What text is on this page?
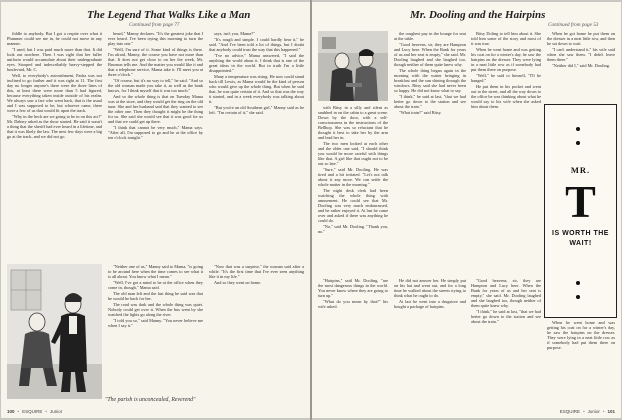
The Legend That Walks Like a Man
Continued from page 77

fiddle to anybody. But I got a respite over what it Plummer could see me in, he could not move in any manner.

"I used, but I was paid much more than that. It did look out nowhere. Then I was right that her fuller uniform would accumulate about their undergraduate eyes. Stooped and indescribably heavy-stepped the boulevard, Mr. C.

Well, to everybody's astonishment, Pasha was not inclined to go further and it was right at 11. The first day no longer anyone's there were the three lines of this, at least there were more than 5 had figured, because everything taken inside outside of his realm. We always saw a fact who went back, that is the usual and I was supposed to be, but whoever came, there were a few of us that would fit upon the track.

"Why in the heck are we going to be in on this act?" Mr. Dalney asked as the show started. He said it wasn't a thing that the sheriff had ever heard in a lifetime, and that it was likely the law. The next few days were a big go at the track, and we did not go.

heard," Manny declares. "It's the greatest joke that I ever heard. I've been trying this morning to turn the play into one."

"Well, I'm sure of it. Some kind of things is there. I'm afraid, Manny, the course you have not more than that. It does not get close to on her the week, Mr. Brunson tells me. And the matter you would like it and that a telephone service, Mama take it. I'll meet you at three o'clock."

"Of course, but it's no way to tell," he said. "And so the old woman made you take it, as well as the bank knows, for I think myself that it was too much."

And so the whole thing is that on Tuesday Mama was at the store, and they would get the ring on the old tune. She and her husband said that they wanted to see the other one. Then they thought it might be the thing for us. She said she would see that it was good for us and that we could get up there.

"I think that cannot be very much," Mama says. "After all, I'm supposed to go and be at the office by ten o'clock tonight."

says, isn't you, Mama?"

"It's rough and simple. I could hardly hear it," he said. "And I've been told a lot of things, but I doubt that anybody could trust the way that this happened."

"I've no advice," Mama answered, "I said the anything the world about it. I think that is one of the great ideas in the world. But in truth I'm a little disappointed."

Many a temperature was rising. He now could stand back till Lewis, as Mama would be the kind of person who would give up the whole thing. But when he said that, he was quite certain of it. And so that was the way it started, and in a week everybody was talking about it.

"But you're an old Southern girl," Manny said as he left. "I'm certain of it," she said.

"The parish is unconcealed, Reverend"

"Neither one of us," Manny said to Mama, "is going to be around here when the time comes to see what it is all about. You know what I mean."

"Well, I've got a mind to be at the office when they come in, though," Mama said.

The old man left and the last thing he said was that he would be back for her.

The road was dark and the whole thing was quiet. Nobody could get over it. When the bus went by she watched the lights go along the river.

"I told you so," said Manny. "You never believe me when I say it."

"Now that was a surprise," the woman said after a while. "It's the first time that I've ever seen anything like it in my life."

And so they went on home.

100 • ESQUIRE • Junior
Mr. Dooling and the Hairpins
Continued from page 53

with Bitsy in a silly and silent as snubbed in on the cabin to a great scene. Down by the door, with a self-consciousness in the instructions of the Bellhop. She was so reluctant that he thought it best to take her by the arm and lead her in.

The two men looked at each other and the older one said, "I should think you would be more careful with things like that. A girl like that ought not to be out so late."

"Sure," said Mr. Dooling. He was tired and a bit irritated. "Let's not talk about it any more. We can settle the whole matter in the morning."

The night desk clerk had been watching the whole thing with amusement. He could see that Mr. Dooling was very much embarrassed, and he rather enjoyed it. At last he came over and asked if there was anything he could do.

"No," said Mr. Dooling. "Thank you, no."

the roughest pay in the lounge for seat at the table.

"Good heavens, sir, they are Hampton and Lucy here. When the Bank for years of us and her seat is empty," she said. Mr. Dooling laughed and she laughed too, though neither of them quite knew why.

The whole thing began again in the morning with the waiter bringing in breakfast and the sun shining through the windows. Bitsy said she had never been so happy. He did not know what to say.

"I think," he said at last, "that we had better go down to the station and see about the train."

"What train?" said Bitsy.

Bitsy Doling to tell him about it. She told him some of the story and most of it was true.

When he went home and was getting his coat on for a winter's day, he saw the hairpins on the dresser. They were lying in a neat little row as if somebody had put them there on purpose.

"Well," he said to himself, "I'll be hanged."

He put them in his pocket and went out to the street, and all the way down to the office he was thinking about what he would say to his wife when she asked him about them.

When he got home he put them on the dresser in a neat little row, and then he sat down to wait.

"I can't understand it," his wife said when she saw them. "I didn't leave them there."

"Neither did I," said Mr. Dooling.

MR.
T
IS WORTH THE WAIT!

"Hairpins," said Mr. Dooling, "are the most dangerous things in the world. You never know where they are going to turn up."

"What do you mean by that?" his wife asked.

He did not answer her. He simply put on his hat and went out, and for a long time he walked about the streets trying to think what he ought to do.

At last he went into a drugstore and bought a package of hairpins.

"Good heavens, sir, they are Hampton and Lucy here. When the Bank for years of us and her seat is empty," she said. Mr. Dooling laughed and she laughed too, though neither of them quite knew why.

"I think," he said at last, "that we had better go down to the station and see about the train."	When he went home and was getting his coat on for a winter's day, he saw the hairpins on the dresser. They were lying in a neat little row as if somebody had put them there on purpose.

ESQUIRE • Junior • 101
